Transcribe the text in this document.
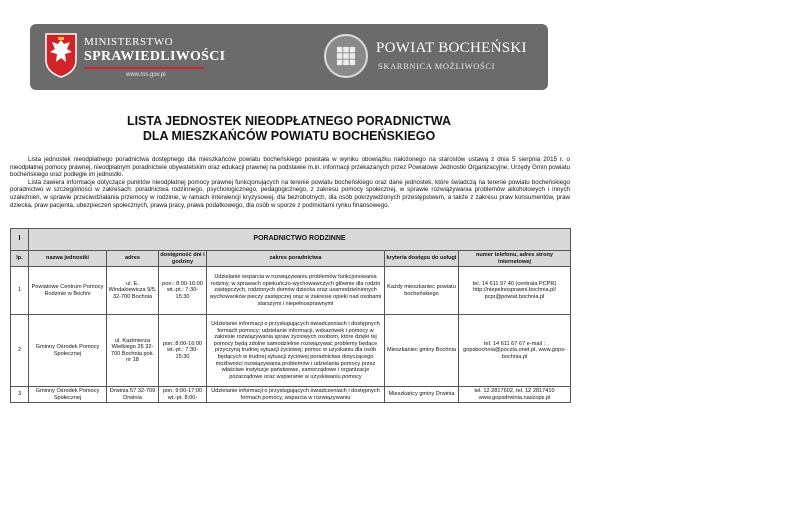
MINISTERSTWO
SPRAWIEDLIWOŚCI
www.ms.gov.pl
POWIAT BOCHEŃSKI
SKARBNICA MOŻLIWOŚCI
LISTA JEDNOSTEK NIEODPŁATNEGO PORADNICTWA
DLA MIESZKAŃCÓW POWIATU BOCHEŃSKIEGO

Lista jednostek nieodpłatnego poradnictwa dostępnego dla mieszkańców powiatu bocheńskiego powstała w wyniku obowiązku nałożonego na starostów ustawą z dnia 5 sierpnia 2015 r. o nieodpłatnej pomocy prawnej, nieodpłatnym poradnictwie obywatelskim oraz edukacji prawnej na podstawie m.in. informacji przekazanych przez Powiatowe Jednostki Organizacyjne, Urzędy Gmin powiatu bocheńskiego oraz podległe im jednostki.

Lista zawiera informacje dotyczące punktów nieodpłatnej pomocy prawnej funkcjonujących na terenie powiatu bocheńskiego oraz dane jednostek, które świadczą na terenie powiatu bocheńskiego poradnictwo w szczególności w zakresach: poradnictwa rodzinnego, psychologicznego, pedagogicznego, z zakresu pomocy społecznej, w sprawie rozwiązywania problemów alkoholowych i innych uzależnień, w sprawie przeciwdziałania przemocy w rodzinie, w ramach interwencji kryzysowej, dla bezrobotnych, dla osób pokrzywdzonych przestępstwem, a także z zakresu praw konsumentów, praw dziecka, praw pacjenta, ubezpieczeń społecznych, prawa pracy, prawa podatkowego, dla osób w sporze z podmiotami rynku finansowego.

I	PORADNICTWO RODZINNE					
lp.	nazwa jednostki	adres	dostępność dni i godziny	zakres poradnictwa	kryteria dostępu do usługi	numer telefonu, adres strony internetowej
1	Powiatowe Centrum Pomocy Rodzinie w Bochni	ul. E. Windakiewicza 9/5, 32-700 Bochnia	pon.: 8:00-16:00 wt.-pt.: 7:30-15:30	Udzielanie wsparcia w rozwiązywaniu problemów funkcjonowania rodziny, w sprawach opiekuńczo-wychowawczych głównie dla rodzin zastępczych, rodzinnych domów dziecka oraz usamodzielnionych wychowanków pieczy zastępczej oraz w zakresie opieki nad osobami starszymi i niepełnosprawnymi	Każdy mieszkaniec powiatu bocheńskiego	tel. 14 611 97 40 (centrala PCPR) http://niepelnosprawni.bochnia.pl/ pcpr@powiat.bochnia.pl
2	Gminny Ośrodek Pomocy Społecznej	ul. Kazimierza Wielkiego 26 32-700 Bochnia pok. nr 18	pon.:8:00-16:00 wt.-pt.: 7:30-15:30	Udzielanie informacji o przysługujących świadczeniach i dostępnych formach pomocy; udzielanie informacji, wskazówek i pomocy w zakresie rozwiązywania spraw życiowych osobom, które dzięki tej pomocy będą zdolne samodzielnie rozwiązywać problemy będące przyczyną trudnej sytuacji życiowej; pomoc w uzyskaniu dla osób będących w trudnej sytuacji życiowej poradnictwa dotyczącego możliwości rozwiązywania problemów i udzielania pomocy przez właściwe instytucje państwowe, samorządowe i organizacje pozarządowe oraz wspieranie w uzyskiwaniu pomocy	Mieszkaniec gminy Bochnia	tel. 14 611 67 67 e-mail : gopsbochnia@poczta.onet.pl, www.gops-bochnia.pl
3	Gminny Ośrodek Pomocy Społecznej	Drwinia 57 32-709 Drwinia	pon. 9:00-17:00 wt.-pt. 8:00-	Udzielanie informacji o przysługujących świadczeniach i dostępnych formach pomocy, wsparcia w rozwiązywaniu	Mieszkańcy gminy Drwinia	tel. 12 2817602, tel. 12 2817410 www.gopsdrwinia.naszops.pl
